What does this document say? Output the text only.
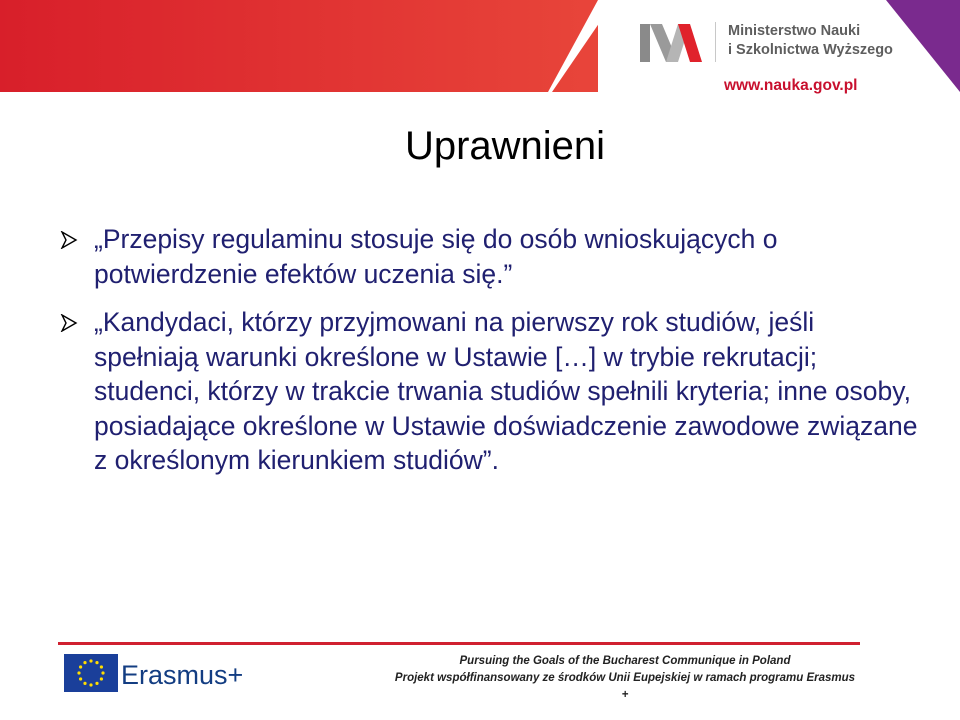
Ministerstwo Nauki
i Szkolnictwa Wyższego
www.nauka.gov.pl
Uprawnieni
„Przepisy regulaminu stosuje się do osób wnioskujących o potwierdzenie efektów uczenia się.”
„Kandydaci, którzy przyjmowani na pierwszy rok studiów, jeśli spełniają warunki określone w Ustawie […] w trybie rekrutacji; studenci, którzy w trakcie trwania studiów spełnili kryteria; inne osoby, posiadające określone w Ustawie doświadczenie zawodowe związane z określonym kierunkiem studiów”.
Erasmus+	Pursuing the Goals of the Bucharest Communique in Poland
Projekt współfinansowany ze środków Unii Eupejskiej w ramach programu Erasmus +
